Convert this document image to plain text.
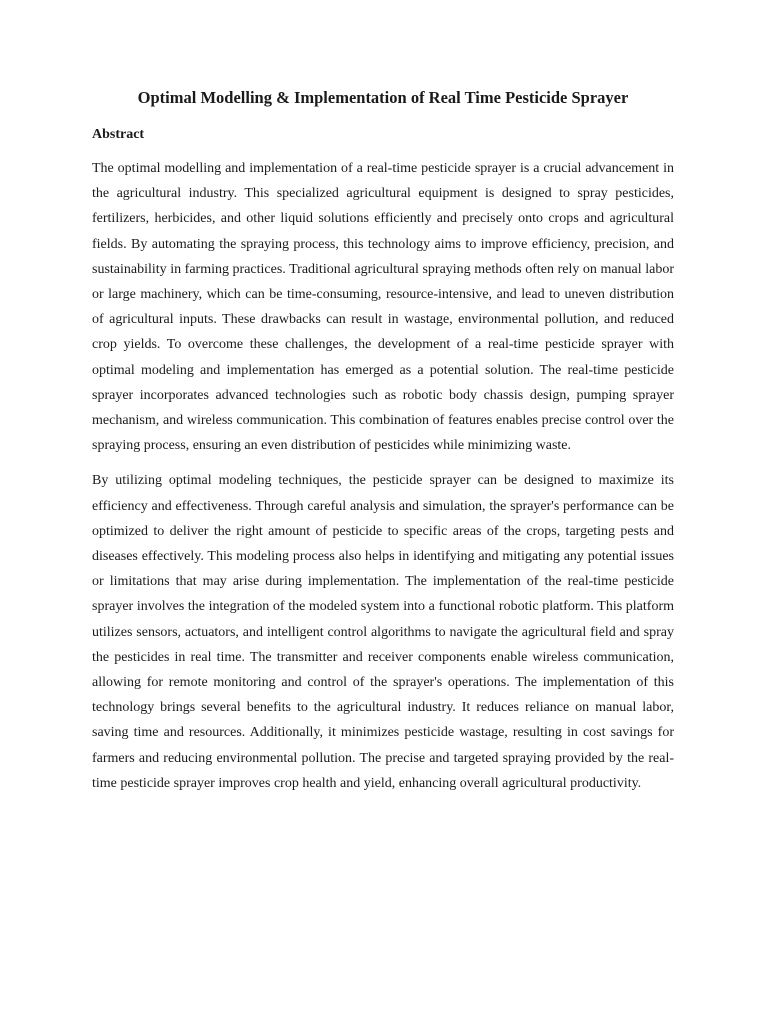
Optimal Modelling & Implementation of Real Time Pesticide Sprayer
Abstract

The optimal modelling and implementation of a real-time pesticide sprayer is a crucial advancement in the agricultural industry. This specialized agricultural equipment is designed to spray pesticides, fertilizers, herbicides, and other liquid solutions efficiently and precisely onto crops and agricultural fields. By automating the spraying process, this technology aims to improve efficiency, precision, and sustainability in farming practices. Traditional agricultural spraying methods often rely on manual labor or large machinery, which can be time-consuming, resource-intensive, and lead to uneven distribution of agricultural inputs. These drawbacks can result in wastage, environmental pollution, and reduced crop yields. To overcome these challenges, the development of a real-time pesticide sprayer with optimal modeling and implementation has emerged as a potential solution. The real-time pesticide sprayer incorporates advanced technologies such as robotic body chassis design, pumping sprayer mechanism, and wireless communication. This combination of features enables precise control over the spraying process, ensuring an even distribution of pesticides while minimizing waste.

By utilizing optimal modeling techniques, the pesticide sprayer can be designed to maximize its efficiency and effectiveness. Through careful analysis and simulation, the sprayer's performance can be optimized to deliver the right amount of pesticide to specific areas of the crops, targeting pests and diseases effectively. This modeling process also helps in identifying and mitigating any potential issues or limitations that may arise during implementation. The implementation of the real-time pesticide sprayer involves the integration of the modeled system into a functional robotic platform. This platform utilizes sensors, actuators, and intelligent control algorithms to navigate the agricultural field and spray the pesticides in real time. The transmitter and receiver components enable wireless communication, allowing for remote monitoring and control of the sprayer's operations. The implementation of this technology brings several benefits to the agricultural industry. It reduces reliance on manual labor, saving time and resources. Additionally, it minimizes pesticide wastage, resulting in cost savings for farmers and reducing environmental pollution. The precise and targeted spraying provided by the real-time pesticide sprayer improves crop health and yield, enhancing overall agricultural productivity.
